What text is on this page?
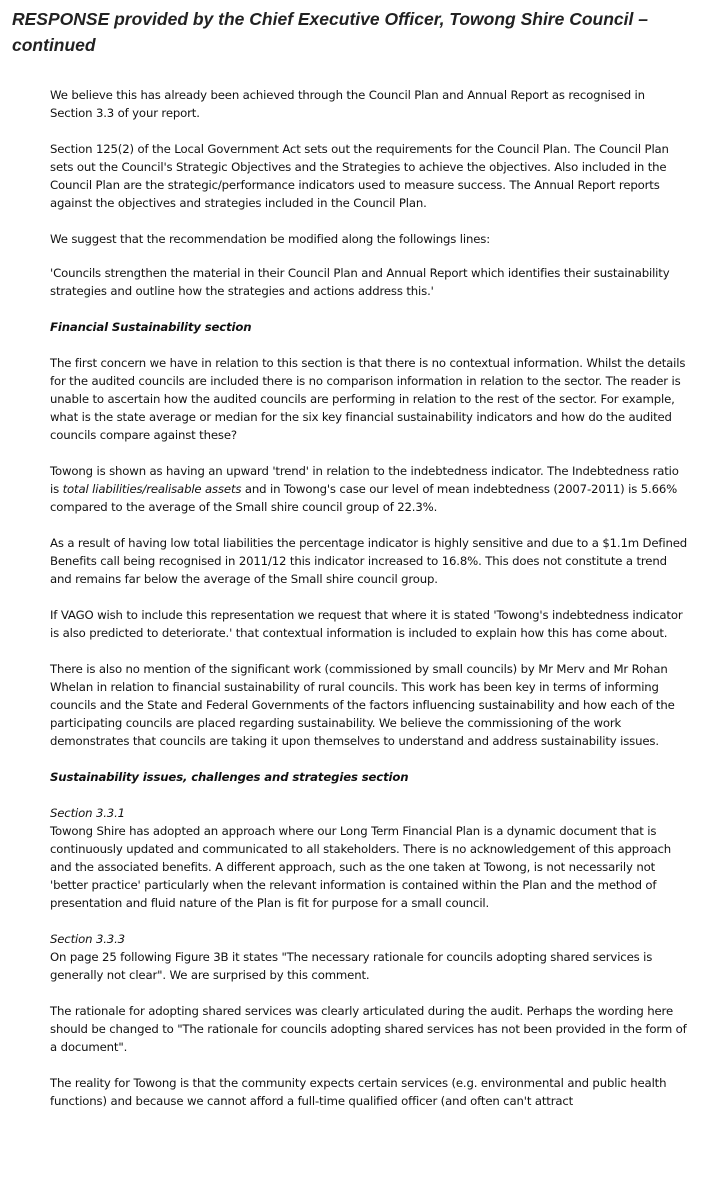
RESPONSE provided by the Chief Executive Officer, Towong Shire Council – continued

We believe this has already been achieved through the Council Plan and Annual Report as recognised in Section 3.3 of your report.

Section 125(2) of the Local Government Act sets out the requirements for the Council Plan. The Council Plan sets out the Council's Strategic Objectives and the Strategies to achieve the objectives. Also included in the Council Plan are the strategic/performance indicators used to measure success. The Annual Report reports against the objectives and strategies included in the Council Plan.

We suggest that the recommendation be modified along the followings lines:

'Councils strengthen the material in their Council Plan and Annual Report which identifies their sustainability strategies and outline how the strategies and actions address this.'

Financial Sustainability section

The first concern we have in relation to this section is that there is no contextual information. Whilst the details for the audited councils are included there is no comparison information in relation to the sector. The reader is unable to ascertain how the audited councils are performing in relation to the rest of the sector. For example, what is the state average or median for the six key financial sustainability indicators and how do the audited councils compare against these?

Towong is shown as having an upward 'trend' in relation to the indebtedness indicator. The Indebtedness ratio is total liabilities/realisable assets and in Towong's case our level of mean indebtedness (2007-2011) is 5.66% compared to the average of the Small shire council group of 22.3%.

As a result of having low total liabilities the percentage indicator is highly sensitive and due to a $1.1m Defined Benefits call being recognised in 2011/12 this indicator increased to 16.8%. This does not constitute a trend and remains far below the average of the Small shire council group.

If VAGO wish to include this representation we request that where it is stated 'Towong's indebtedness indicator is also predicted to deteriorate.' that contextual information is included to explain how this has come about.

There is also no mention of the significant work (commissioned by small councils) by Mr Merv and Mr Rohan Whelan in relation to financial sustainability of rural councils. This work has been key in terms of informing councils and the State and Federal Governments of the factors influencing sustainability and how each of the participating councils are placed regarding sustainability. We believe the commissioning of the work demonstrates that councils are taking it upon themselves to understand and address sustainability issues.

Sustainability issues, challenges and strategies section

Section 3.3.1
Towong Shire has adopted an approach where our Long Term Financial Plan is a dynamic document that is continuously updated and communicated to all stakeholders. There is no acknowledgement of this approach and the associated benefits. A different approach, such as the one taken at Towong, is not necessarily not 'better practice' particularly when the relevant information is contained within the Plan and the method of presentation and fluid nature of the Plan is fit for purpose for a small council.

Section 3.3.3
On page 25 following Figure 3B it states "The necessary rationale for councils adopting shared services is generally not clear". We are surprised by this comment.

The rationale for adopting shared services was clearly articulated during the audit. Perhaps the wording here should be changed to "The rationale for councils adopting shared services has not been provided in the form of a document".

The reality for Towong is that the community expects certain services (e.g. environmental and public health functions) and because we cannot afford a full-time qualified officer (and often can't attract
